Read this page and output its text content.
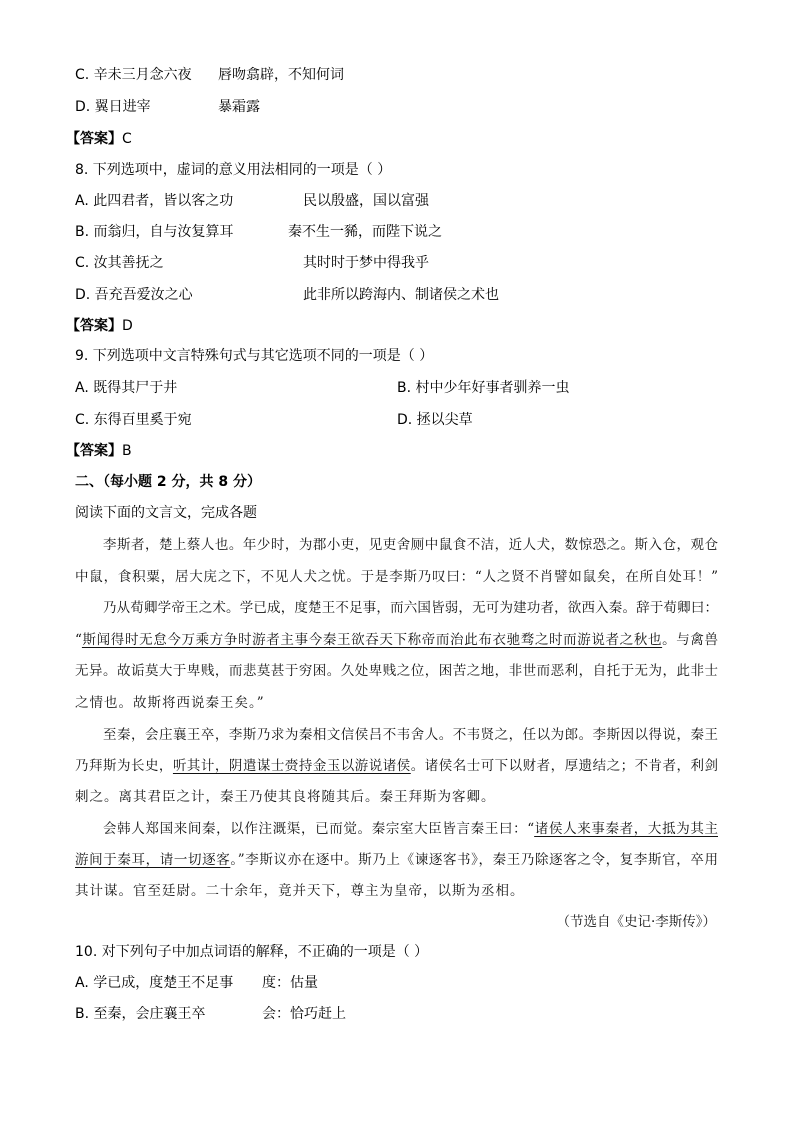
C. 辛未三月念六夜 唇吻翕辟，不知何词
D. 翼日进宰	暴霜露
【答案】C
8. 下列选项中，虚词的意义用法相同的一项是（ ）
A. 此四君者，皆以客之功	民以殷盛，国以富强
B. 而翁归，自与汝复算耳	秦不生一豨，而陛下说之
C. 汝其善抚之	其时时于梦中得我乎
D. 吾充吾爱汝之心	此非所以跨海内、制诸侯之术也
【答案】D
9. 下列选项中文言特殊句式与其它选项不同的一项是（ ）
A. 既得其尸于井	B. 村中少年好事者驯养一虫
C. 东得百里奚于宛	D. 拯以尖草
【答案】B
二、（每小题 2 分，共 8 分）
阅读下面的文言文，完成各题
李斯者，楚上蔡人也。年少时，为郡小吏，见吏舍厕中鼠食不洁，近人犬，数惊恐之。斯入仓，观仓
中鼠，食积粟，居大庑之下，不见人犬之忧。于是李斯乃叹曰：“人之贤不肖譬如鼠矣，在所自处耳！”
乃从荀卿学帝王之术。学已成，度楚王不足事，而六国皆弱，无可为建功者，欲西入秦。辞于荀卿曰：
“斯闻得时无怠今万乘方争时游者主事今秦王欲吞天下称帝而治此布衣驰骛之时而游说者之秋也。与禽兽
无异。故诟莫大于卑贱，而悲莫甚于穷困。久处卑贱之位，困苦之地，非世而恶利，自托于无为，此非士
之情也。故斯将西说秦王矣。”
至秦，会庄襄王卒，李斯乃求为秦相文信侯吕不韦舍人。不韦贤之，任以为郎。李斯因以得说，秦王
乃拜斯为长史，听其计，阴遣谋士赍持金玉以游说诸侯。诸侯名士可下以财者，厚遗结之；不肯者，利剑
刺之。离其君臣之计，秦王乃使其良将随其后。秦王拜斯为客卿。
会韩人郑国来间秦，以作注溉渠，已而觉。秦宗室大臣皆言秦王曰：“诸侯人来事秦者，大抵为其主
游间于秦耳，请一切逐客。”李斯议亦在逐中。斯乃上《谏逐客书》，秦王乃除逐客之令，复李斯官，卒用
其计谋。官至廷尉。二十余年，竟并天下，尊主为皇帝，以斯为丞相。
（节选自《史记·李斯传》）
10. 对下列句子中加点词语的解释，不正确的一项是（ ）
A. 学已成，度楚王不足事 度：估量
B. 至秦，会庄襄王卒	会：恰巧赶上
